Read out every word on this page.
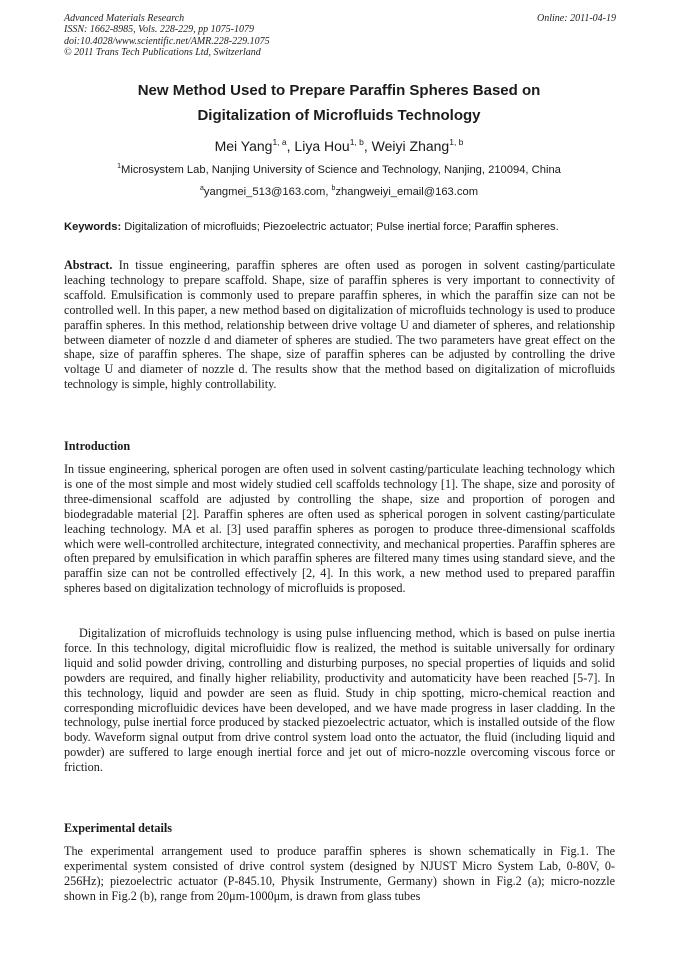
Advanced Materials Research
ISSN: 1662-8985, Vols. 228-229, pp 1075-1079
doi:10.4028/www.scientific.net/AMR.228-229.1075
© 2011 Trans Tech Publications Ltd, Switzerland
Online: 2011-04-19
New Method Used to Prepare Paraffin Spheres Based on
Digitalization of Microfluids Technology
Mei Yang$^{1, a}$, Liya Hou$^{1, b}$, Weiyi Zhang$^{1, b}$
$^1$Microsystem Lab, Nanjing University of Science and Technology, Nanjing, 210094, China
$^a$yangmei_513@163.com, $^b$zhangweiyi_email@163.com
Keywords: Digitalization of microfluids; Piezoelectric actuator; Pulse inertial force; Paraffin spheres.
Abstract. In tissue engineering, paraffin spheres are often used as porogen in solvent casting/particulate leaching technology to prepare scaffold. Shape, size of paraffin spheres is very important to connectivity of scaffold. Emulsification is commonly used to prepare paraffin spheres, in which the paraffin size can not be controlled well. In this paper, a new method based on digitalization of microfluids technology is used to produce paraffin spheres. In this method, relationship between drive voltage U and diameter of spheres, and relationship between diameter of nozzle d and diameter of spheres are studied. The two parameters have great effect on the shape, size of paraffin spheres. The shape, size of paraffin spheres can be adjusted by controlling the drive voltage U and diameter of nozzle d. The results show that the method based on digitalization of microfluids technology is simple, highly controllability.
Introduction
In tissue engineering, spherical porogen are often used in solvent casting/particulate leaching technology which is one of the most simple and most widely studied cell scaffolds technology [1]. The shape, size and porosity of three-dimensional scaffold are adjusted by controlling the shape, size and proportion of porogen and biodegradable material [2]. Paraffin spheres are often used as spherical porogen in solvent casting/particulate leaching technology. MA et al. [3] used paraffin spheres as porogen to produce three-dimensional scaffolds which were well-controlled architecture, integrated connectivity, and mechanical properties. Paraffin spheres are often prepared by emulsification in which paraffin spheres are filtered many times using standard sieve, and the paraffin size can not be controlled effectively [2, 4]. In this work, a new method used to prepared paraffin spheres based on digitalization technology of microfluids is proposed.
Digitalization of microfluids technology is using pulse influencing method, which is based on pulse inertia force. In this technology, digital microfluidic flow is realized, the method is suitable universally for ordinary liquid and solid powder driving, controlling and disturbing purposes, no special properties of liquids and solid powders are required, and finally higher reliability, productivity and automaticity have been reached [5-7]. In this technology, liquid and powder are seen as fluid. Study in chip spotting, micro-chemical reaction and corresponding microfluidic devices have been developed, and we have made progress in laser cladding. In the technology, pulse inertial force produced by stacked piezoelectric actuator, which is installed outside of the flow body. Waveform signal output from drive control system load onto the actuator, the fluid (including liquid and powder) are suffered to large enough inertial force and jet out of micro-nozzle overcoming viscous force or friction.
Experimental details
The experimental arrangement used to produce paraffin spheres is shown schematically in Fig.1. The experimental system consisted of drive control system (designed by NJUST Micro System Lab, 0-80V, 0-256Hz); piezoelectric actuator (P-845.10, Physik Instrumente, Germany) shown in Fig.2 (a); micro-nozzle shown in Fig.2 (b), range from 20μm-1000μm, is drawn from glass tubes
